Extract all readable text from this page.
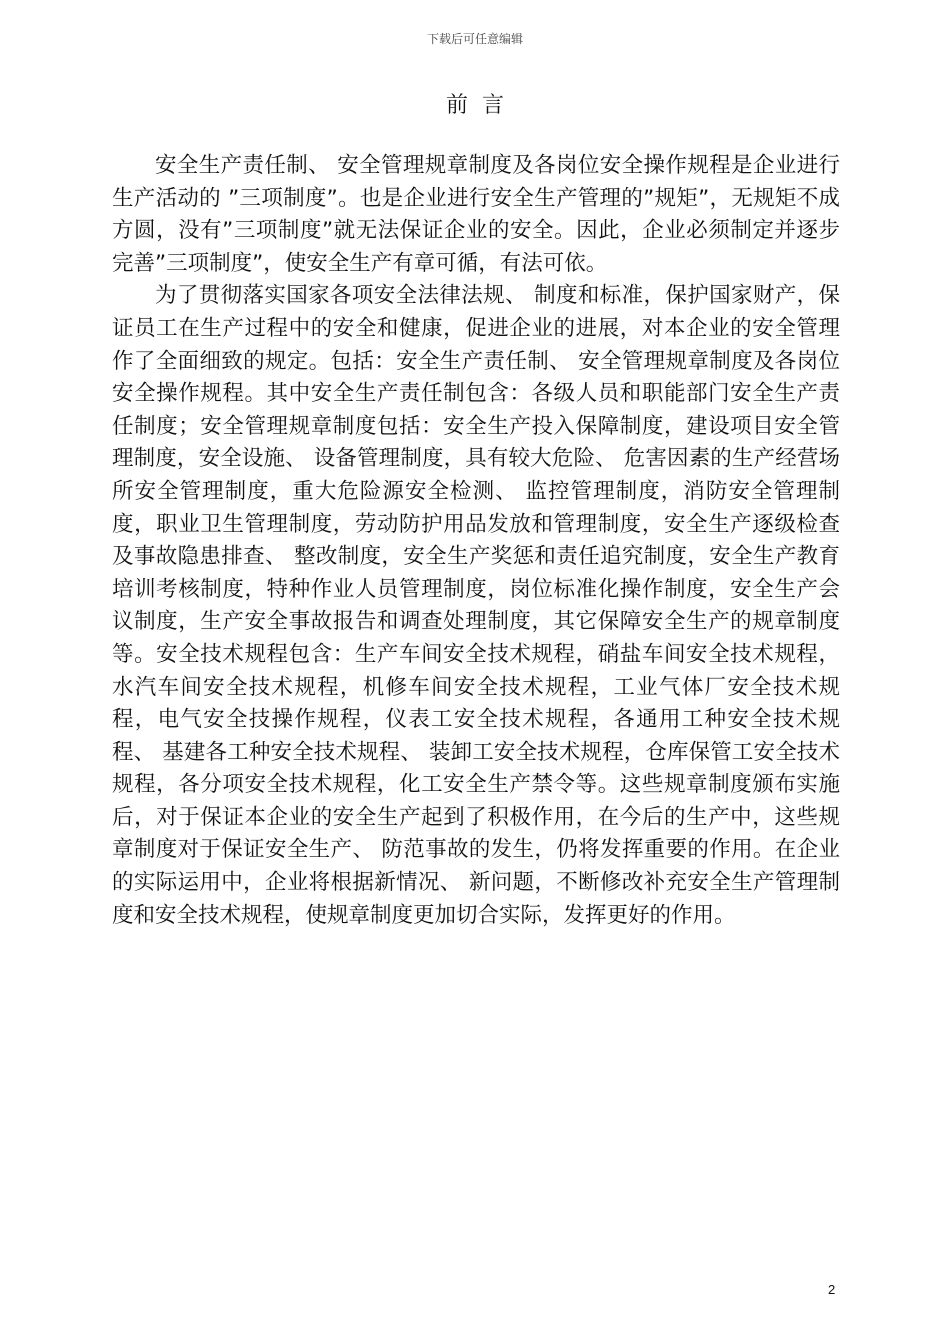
下载后可任意编辑
前言

安全生产责任制、 安全管理规章制度及各岗位安全操作规程是企业进行生产活动的 ”三项制度”。也是企业进行安全生产管理的”规矩”，无规矩不成方圆，没有”三项制度”就无法保证企业的安全。因此，企业必须制定并逐步完善”三项制度”，使安全生产有章可循，有法可依。

为了贯彻落实国家各项安全法律法规、 制度和标准，保护国家财产，保证员工在生产过程中的安全和健康，促进企业的进展，对本企业的安全管理作了全面细致的规定。包括：安全生产责任制、 安全管理规章制度及各岗位安全操作规程。其中安全生产责任制包含：各级人员和职能部门安全生产责任制度；安全管理规章制度包括：安全生产投入保障制度，建设项目安全管理制度，安全设施、 设备管理制度，具有较大危险、 危害因素的生产经营场所安全管理制度，重大危险源安全检测、 监控管理制度，消防安全管理制度，职业卫生管理制度，劳动防护用品发放和管理制度，安全生产逐级检查及事故隐患排查、 整改制度，安全生产奖惩和责任追究制度，安全生产教育培训考核制度，特种作业人员管理制度，岗位标准化操作制度，安全生产会议制度，生产安全事故报告和调查处理制度，其它保障安全生产的规章制度等。安全技术规程包含：生产车间安全技术规程，硝盐车间安全技术规程，水汽车间安全技术规程，机修车间安全技术规程，工业气体厂安全技术规程，电气安全技操作规程，仪表工安全技术规程，各通用工种安全技术规程、 基建各工种安全技术规程、 装卸工安全技术规程，仓库保管工安全技术规程，各分项安全技术规程，化工安全生产禁令等。这些规章制度颁布实施后，对于保证本企业的安全生产起到了积极作用，在今后的生产中，这些规章制度对于保证安全生产、 防范事故的发生，仍将发挥重要的作用。在企业的实际运用中，企业将根据新情况、 新问题，不断修改补充安全生产管理制度和安全技术规程，使规章制度更加切合实际，发挥更好的作用。

2
